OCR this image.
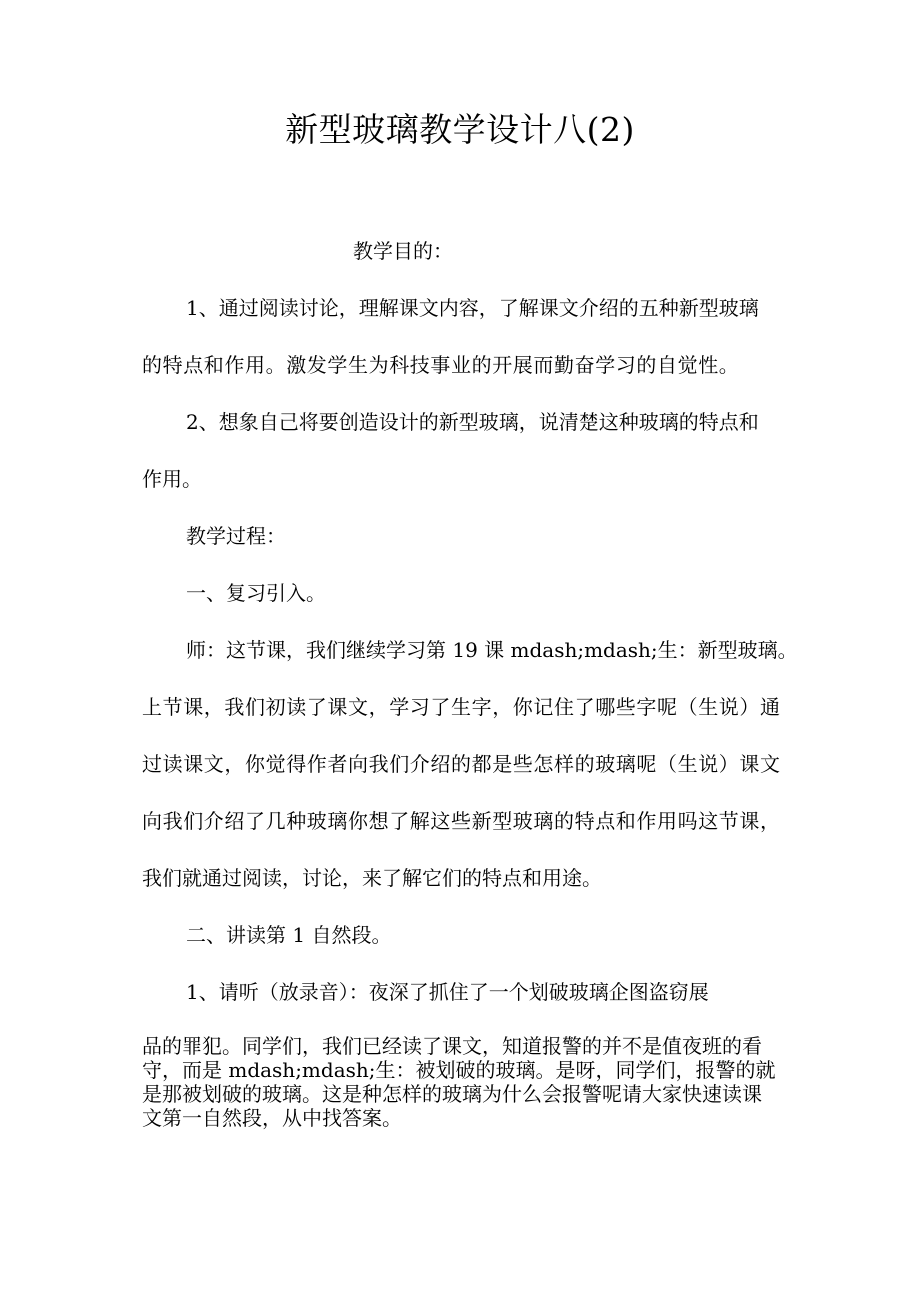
新型玻璃教学设计八(2)
教学目的：
1、通过阅读讨论，理解课文内容，了解课文介绍的五种新型玻璃
的特点和作用。激发学生为科技事业的开展而勤奋学习的自觉性。
2、想象自己将要创造设计的新型玻璃，说清楚这种玻璃的特点和
作用。
教学过程：
一、复习引入。
师：这节课，我们继续学习第 19 课 mdash;mdash;生：新型玻璃。
上节课，我们初读了课文，学习了生字，你记住了哪些字呢（生说）通
过读课文，你觉得作者向我们介绍的都是些怎样的玻璃呢（生说）课文
向我们介绍了几种玻璃你想了解这些新型玻璃的特点和作用吗这节课，
我们就通过阅读，讨论，来了解它们的特点和用途。
二、讲读第 1 自然段。
1、请听（放录音）：夜深了抓住了一个划破玻璃企图盗窃展
品的罪犯。同学们，我们已经读了课文，知道报警的并不是值夜班的看
守，而是 mdash;mdash;生：被划破的玻璃。是呀，同学们，报警的就
是那被划破的玻璃。这是种怎样的玻璃为什么会报警呢请大家快速读课
文第一自然段，从中找答案。
